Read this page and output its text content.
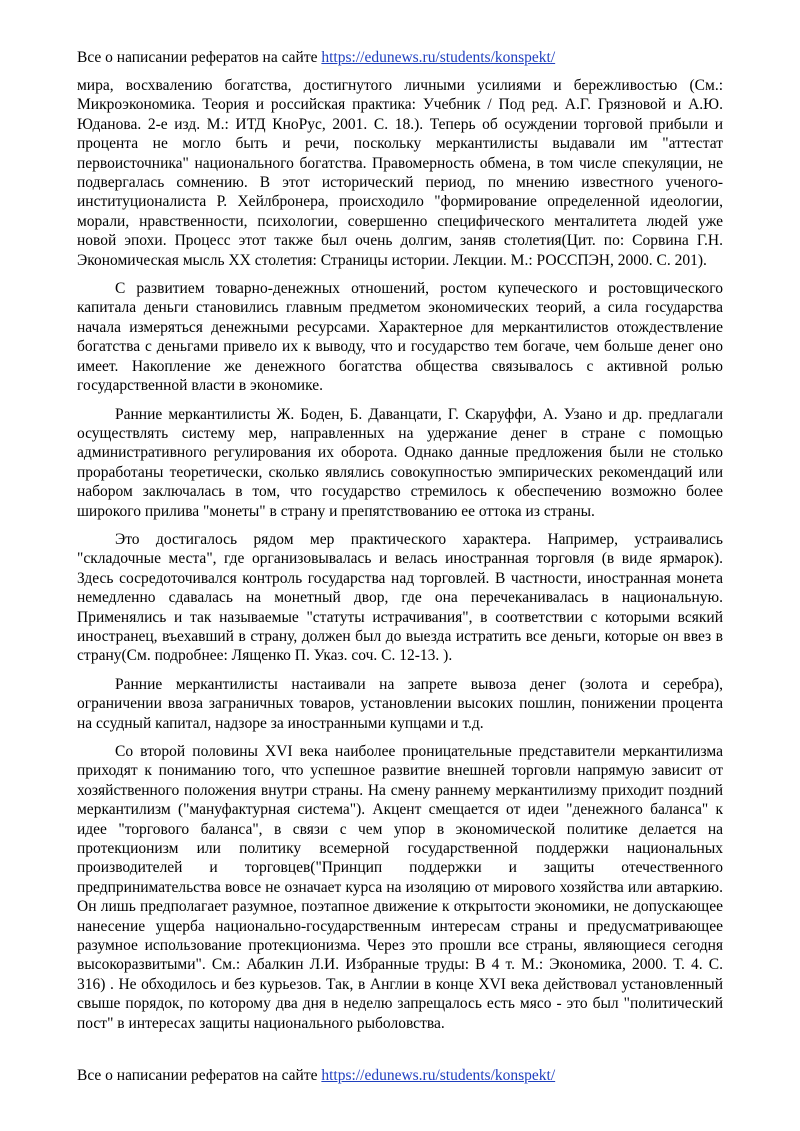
Все о написании рефератов на сайте https://edunews.ru/students/konspekt/

мира, восхвалению богатства, достигнутого личными усилиями и бережливостью (См.: Микроэкономика. Теория и российская практика: Учебник / Под ред. А.Г. Грязновой и А.Ю. Юданова. 2-е изд. М.: ИТД КноРус, 2001. С. 18.). Теперь об осуждении торговой прибыли и процента не могло быть и речи, поскольку меркантилисты выдавали им "аттестат первоисточника" национального богатства. Правомерность обмена, в том числе спекуляции, не подвергалась сомнению. В этот исторический период, по мнению известного ученого-институционалиста Р. Хейлбронера, происходило "формирование определенной идеологии, морали, нравственности, психологии, совершенно специфического менталитета людей уже новой эпохи. Процесс этот также был очень долгим, заняв столетия(Цит. по: Сорвина Г.Н. Экономическая мысль ХХ столетия: Страницы истории. Лекции. М.: РОССПЭН, 2000. С. 201).

С развитием товарно-денежных отношений, ростом купеческого и ростовщического капитала деньги становились главным предметом экономических теорий, а сила государства начала измеряться денежными ресурсами. Характерное для меркантилистов отождествление богатства с деньгами привело их к выводу, что и государство тем богаче, чем больше денег оно имеет. Накопление же денежного богатства общества связывалось с активной ролью государственной власти в экономике.

Ранние меркантилисты Ж. Боден, Б. Даванцати, Г. Скаруффи, А. Узано и др. предлагали осуществлять систему мер, направленных на удержание денег в стране с помощью административного регулирования их оборота. Однако данные предложения были не столько проработаны теоретически, сколько являлись совокупностью эмпирических рекомендаций или набором заключалась в том, что государство стремилось к обеспечению возможно более широкого прилива "монеты" в страну и препятствованию ее оттока из страны.

Это достигалось рядом мер практического характера. Например, устраивались "складочные места", где организовывалась и велась иностранная торговля (в виде ярмарок). Здесь сосредоточивался контроль государства над торговлей. В частности, иностранная монета немедленно сдавалась на монетный двор, где она перечеканивалась в национальную. Применялись и так называемые "статуты истрачивания", в соответствии с которыми всякий иностранец, въехавший в страну, должен был до выезда истратить все деньги, которые он ввез в страну(См. подробнее: Лященко П. Указ. соч. С. 12-13. ).

Ранние меркантилисты настаивали на запрете вывоза денег (золота и серебра), ограничении ввоза заграничных товаров, установлении высоких пошлин, понижении процента на ссудный капитал, надзоре за иностранными купцами и т.д.

Со второй половины XVI века наиболее проницательные представители меркантилизма приходят к пониманию того, что успешное развитие внешней торговли напрямую зависит от хозяйственного положения внутри страны. На смену раннему меркантилизму приходит поздний меркантилизм ("мануфактурная система"). Акцент смещается от идеи "денежного баланса" к идее "торгового баланса", в связи с чем упор в экономической политике делается на протекционизм или политику всемерной государственной поддержки национальных производителей и торговцев("Принцип поддержки и защиты отечественного предпринимательства вовсе не означает курса на изоляцию от мирового хозяйства или автаркию. Он лишь предполагает разумное, поэтапное движение к открытости экономики, не допускающее нанесение ущерба национально-государственным интересам страны и предусматривающее разумное использование протекционизма. Через это прошли все страны, являющиеся сегодня высокоразвитыми". См.: Абалкин Л.И. Избранные труды: В 4 т. М.: Экономика, 2000. Т. 4. С. 316) . Не обходилось и без курьезов. Так, в Англии в конце XVI века действовал установленный свыше порядок, по которому два дня в неделю запрещалось есть мясо - это был "политический пост" в интересах защиты национального рыболовства.

Все о написании рефератов на сайте https://edunews.ru/students/konspekt/
